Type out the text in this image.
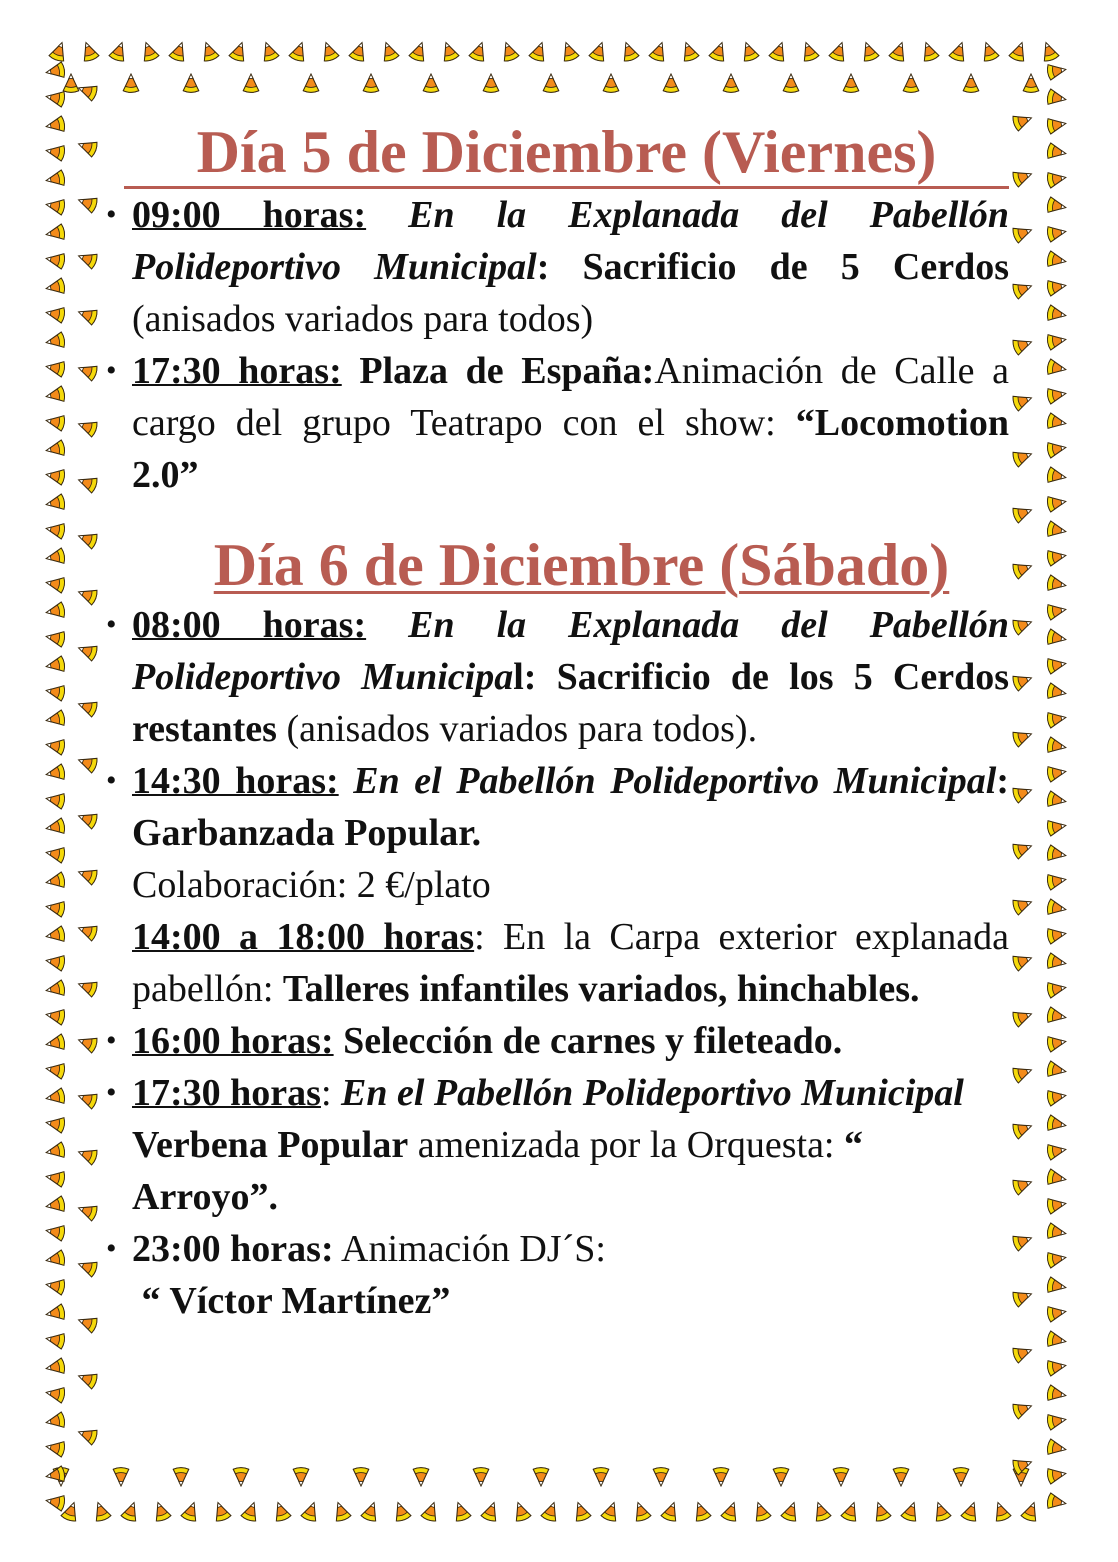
Día 5 de Diciembre (Viernes)
• 09:00 horas: En la Explanada del Pabellón Polideportivo Municipal: Sacrificio de 5 Cerdos (anisados variados para todos)
• 17:30 horas: Plaza de España:Animación de Calle a cargo del grupo Teatrapo con el show: “Locomotion 2.0”
Día 6 de Diciembre (Sábado)
• 08:00 horas: En la Explanada del Pabellón Polideportivo Municipal: Sacrificio de los 5 Cerdos restantes (anisados variados para todos).
• 14:30 horas: En el Pabellón Polideportivo Municipal: Garbanzada Popular.
Colaboración: 2 €/plato
14:00 a 18:00 horas: En la Carpa exterior explanada pabellón: Talleres infantiles variados, hinchables.
• 16:00 horas: Selección de carnes y fileteado.
• 17:30 horas: En el Pabellón Polideportivo Municipal Verbena Popular amenizada por la Orquesta: “ Arroyo”.
• 23:00 horas: Animación DJ´S:
“ Víctor Martínez”
